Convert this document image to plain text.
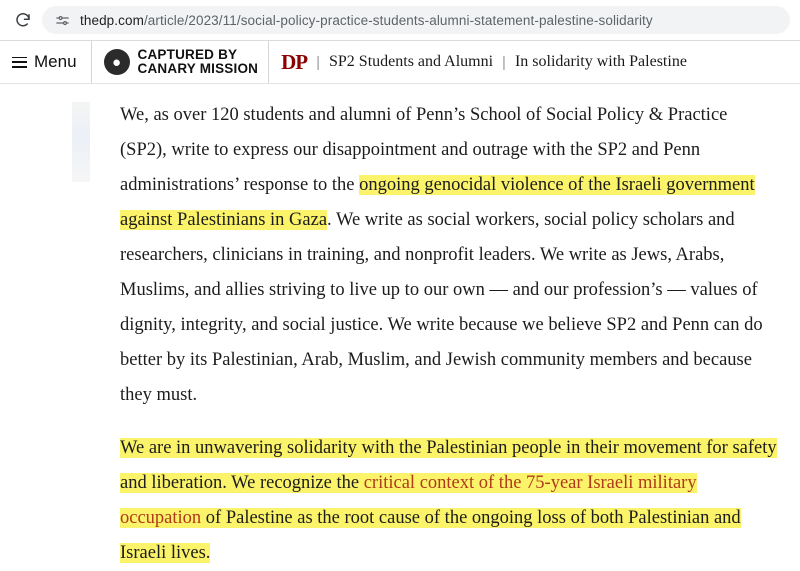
thedp.com/article/2023/11/social-policy-practice-students-alumni-statement-palestine-solidarity
Menu ● CAPTURED BY
CANARY MISSION DP | SP2 Students and Alumni | In solidarity with Palestine

We, as over 120 students and alumni of Penn’s School of Social Policy & Practice (SP2), write to express our disappointment and outrage with the SP2 and Penn administrations’ response to the ongoing genocidal violence of the Israeli government against Palestinians in Gaza. We write as social workers, social policy scholars and researchers, clinicians in training, and nonprofit leaders. We write as Jews, Arabs, Muslims, and allies striving to live up to our own — and our profession’s — values of dignity, integrity, and social justice. We write because we believe SP2 and Penn can do better by its Palestinian, Arab, Muslim, and Jewish community members and because they must.

We are in unwavering solidarity with the Palestinian people in their movement for safety and liberation. We recognize the critical context of the 75-year Israeli military occupation of Palestine as the root cause of the ongoing loss of both Palestinian and Israeli lives.
